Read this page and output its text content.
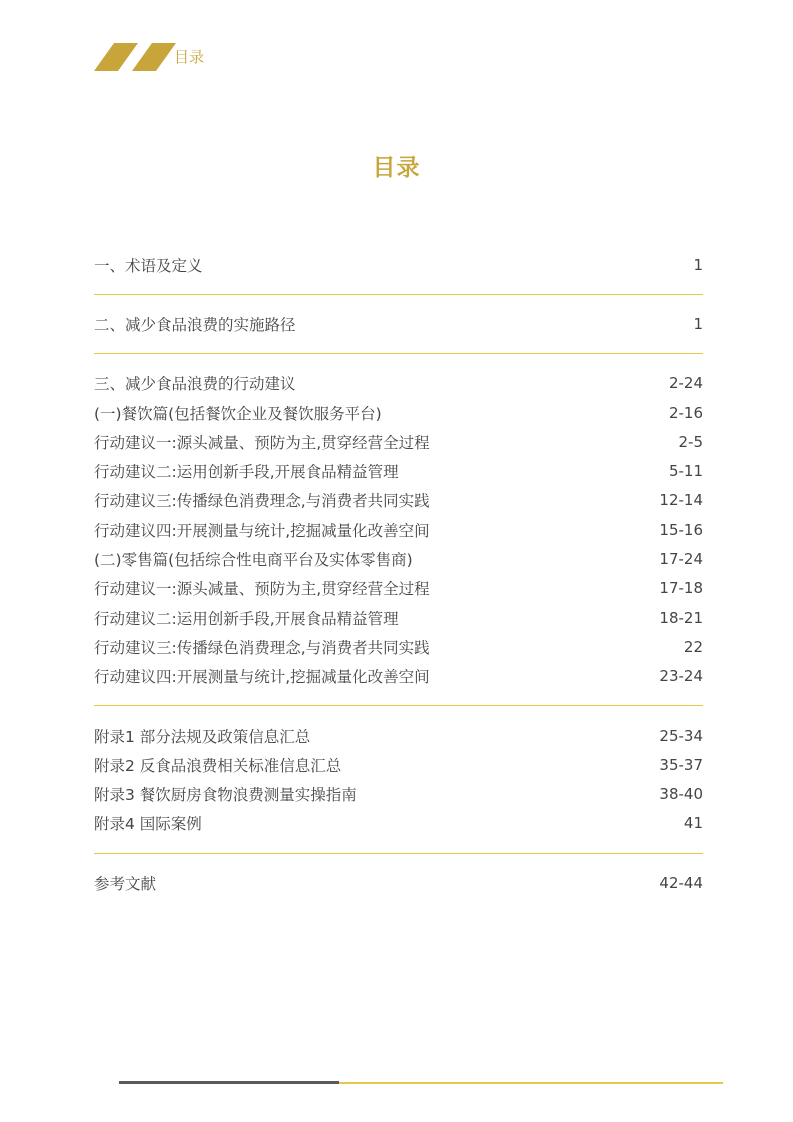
目录
目录
一、术语及定义	1
二、减少食品浪费的实施路径	1
三、减少食品浪费的行动建议	2-24
(一)餐饮篇(包括餐饮企业及餐饮服务平台)	2-16
行动建议一:源头减量、预防为主,贯穿经营全过程	2-5
行动建议二:运用创新手段,开展食品精益管理	5-11
行动建议三:传播绿色消费理念,与消费者共同实践	12-14
行动建议四:开展测量与统计,挖掘减量化改善空间	15-16
(二)零售篇(包括综合性电商平台及实体零售商)	17-24
行动建议一:源头减量、预防为主,贯穿经营全过程	17-18
行动建议二:运用创新手段,开展食品精益管理	18-21
行动建议三:传播绿色消费理念,与消费者共同实践	22
行动建议四:开展测量与统计,挖掘减量化改善空间	23-24
附录1 部分法规及政策信息汇总	25-34
附录2 反食品浪费相关标准信息汇总	35-37
附录3 餐饮厨房食物浪费测量实操指南	38-40
附录4 国际案例	41
参考文献	42-44
